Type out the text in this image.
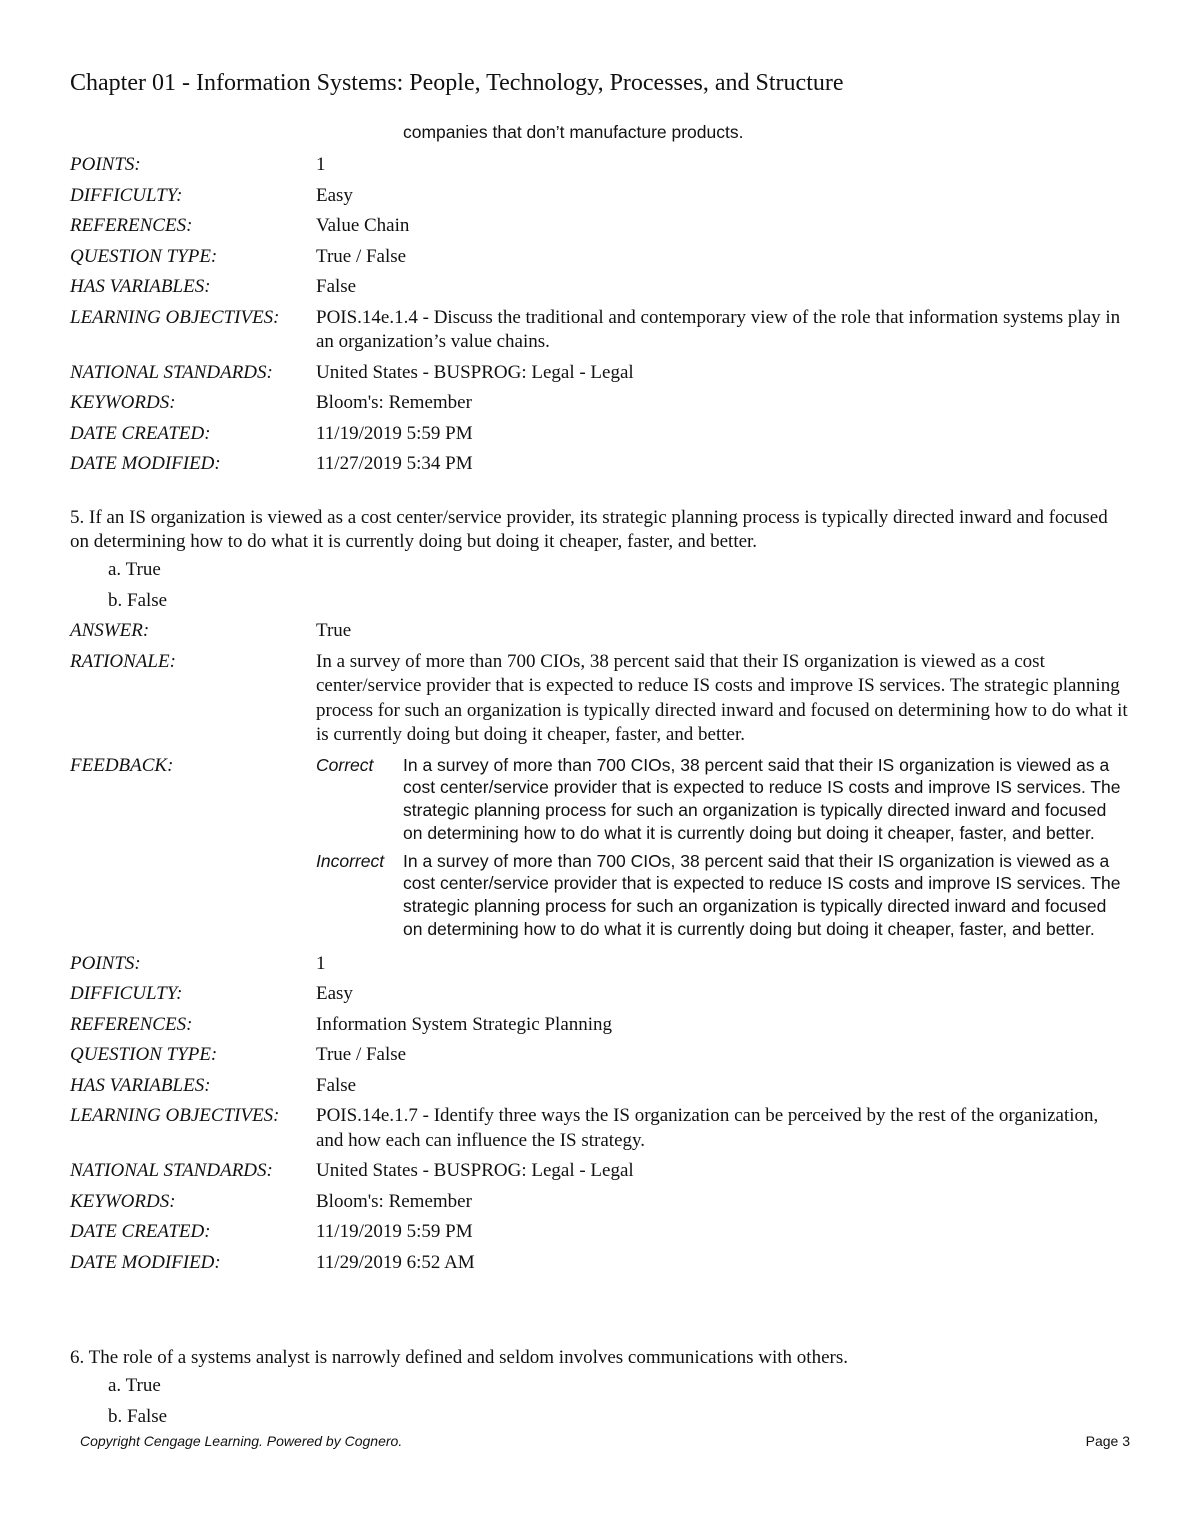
Chapter 01 - Information Systems: People, Technology, Processes, and Structure
companies that don’t manufacture products.
POINTS:	1
DIFFICULTY:	Easy
REFERENCES:	Value Chain
QUESTION TYPE:	True / False
HAS VARIABLES:	False
LEARNING OBJECTIVES:	POIS.14e.1.4 - Discuss the traditional and contemporary view of the role that information systems play in an organization’s value chains.
NATIONAL STANDARDS:	United States - BUSPROG: Legal - Legal
KEYWORDS:	Bloom's: Remember
DATE CREATED:	11/19/2019 5:59 PM
DATE MODIFIED:	11/27/2019 5:34 PM
5. If an IS organization is viewed as a cost center/service provider, its strategic planning process is typically directed inward and focused on determining how to do what it is currently doing but doing it cheaper, faster, and better.
a. True
b. False
ANSWER:	True
RATIONALE:	In a survey of more than 700 CIOs, 38 percent said that their IS organization is viewed as a cost center/service provider that is expected to reduce IS costs and improve IS services. The strategic planning process for such an organization is typically directed inward and focused on determining how to do what it is currently doing but doing it cheaper, faster, and better.
FEEDBACK:	Correct	In a survey of more than 700 CIOs, 38 percent said that their IS organization is viewed as a cost center/service provider that is expected to reduce IS costs and improve IS services. The strategic planning process for such an organization is typically directed inward and focused on determining how to do what it is currently doing but doing it cheaper, faster, and better.
Incorrect	In a survey of more than 700 CIOs, 38 percent said that their IS organization is viewed as a cost center/service provider that is expected to reduce IS costs and improve IS services. The strategic planning process for such an organization is typically directed inward and focused on determining how to do what it is currently doing but doing it cheaper, faster, and better.
POINTS:	1
DIFFICULTY:	Easy
REFERENCES:	Information System Strategic Planning
QUESTION TYPE:	True / False
HAS VARIABLES:	False
LEARNING OBJECTIVES:	POIS.14e.1.7 - Identify three ways the IS organization can be perceived by the rest of the organization, and how each can influence the IS strategy.
NATIONAL STANDARDS:	United States - BUSPROG: Legal - Legal
KEYWORDS:	Bloom's: Remember
DATE CREATED:	11/19/2019 5:59 PM
DATE MODIFIED:	11/29/2019 6:52 AM
6. The role of a systems analyst is narrowly defined and seldom involves communications with others.
a. True
b. False
Copyright Cengage Learning. Powered by Cognero.	Page 3
